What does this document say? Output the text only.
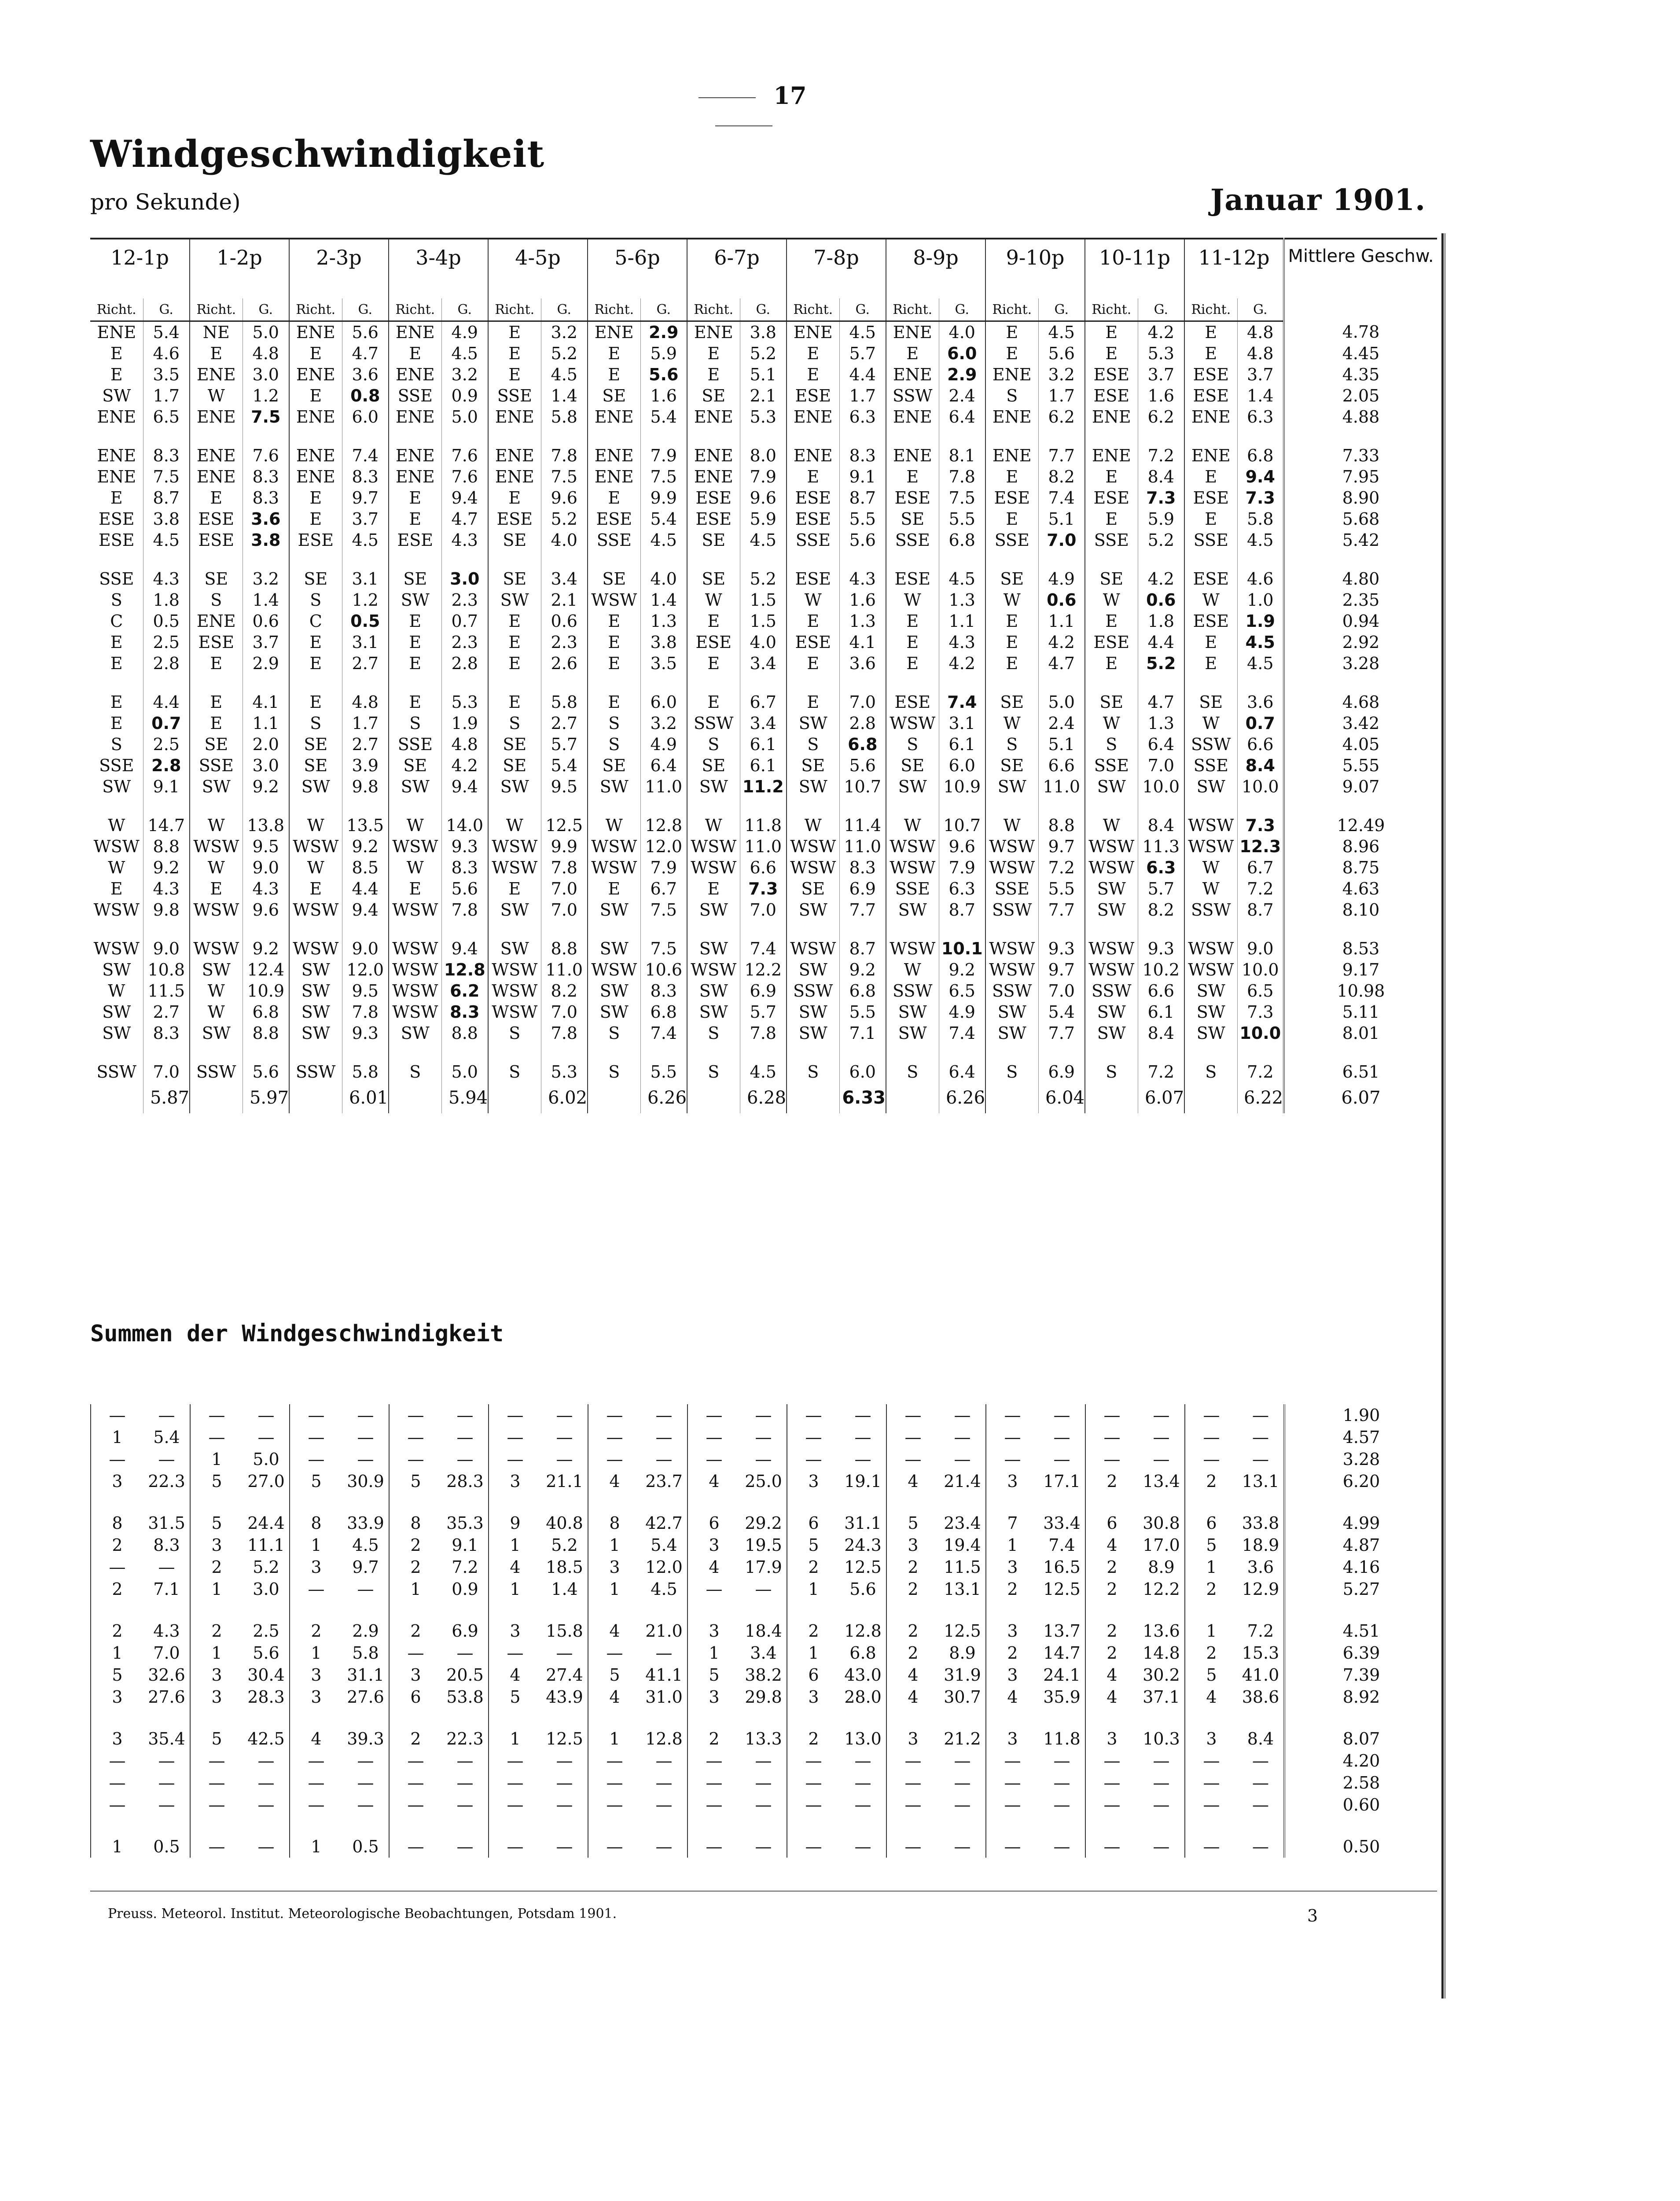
17
Windgeschwindigkeit
pro Sekunde)	Januar 1901.
12-1p		1-2p		2-3p		3-4p		4-5p		5-6p		6-7p		7-8p		8-9p		9-10p		10-11p		11-12p		Mittlere Geschw.
Richt.	G.	Richt.	G.	Richt.	G.	Richt.	G.	Richt.	G.	Richt.	G.	Richt.	G.	Richt.	G.	Richt.	G.	Richt.	G.	Richt.	G.	Richt.	G.	
ENE	5.4	NE	5.0	ENE	5.6	ENE	4.9	E	3.2	ENE	2.9	ENE	3.8	ENE	4.5	ENE	4.0	E	4.5	E	4.2	E	4.8	4.78
E	4.6	E	4.8	E	4.7	E	4.5	E	5.2	E	5.9	E	5.2	E	5.7	E	6.0	E	5.6	E	5.3	E	4.8	4.45
E	3.5	ENE	3.0	ENE	3.6	ENE	3.2	E	4.5	E	5.6	E	5.1	E	4.4	ENE	2.9	ENE	3.2	ESE	3.7	ESE	3.7	4.35
SW	1.7	W	1.2	E	0.8	SSE	0.9	SSE	1.4	SE	1.6	SE	2.1	ESE	1.7	SSW	2.4	S	1.7	ESE	1.6	ESE	1.4	2.05
ENE	6.5	ENE	7.5	ENE	6.0	ENE	5.0	ENE	5.8	ENE	5.4	ENE	5.3	ENE	6.3	ENE	6.4	ENE	6.2	ENE	6.2	ENE	6.3	4.88

ENE	8.3	ENE	7.6	ENE	7.4	ENE	7.6	ENE	7.8	ENE	7.9	ENE	8.0	ENE	8.3	ENE	8.1	ENE	7.7	ENE	7.2	ENE	6.8	7.33
ENE	7.5	ENE	8.3	ENE	8.3	ENE	7.6	ENE	7.5	ENE	7.5	ENE	7.9	E	9.1	E	7.8	E	8.2	E	8.4	E	9.4	7.95
E	8.7	E	8.3	E	9.7	E	9.4	E	9.6	E	9.9	ESE	9.6	ESE	8.7	ESE	7.5	ESE	7.4	ESE	7.3	ESE	7.3	8.90
ESE	3.8	ESE	3.6	E	3.7	E	4.7	ESE	5.2	ESE	5.4	ESE	5.9	ESE	5.5	SE	5.5	E	5.1	E	5.9	E	5.8	5.68
ESE	4.5	ESE	3.8	ESE	4.5	ESE	4.3	SE	4.0	SSE	4.5	SE	4.5	SSE	5.6	SSE	6.8	SSE	7.0	SSE	5.2	SSE	4.5	5.42

SSE	4.3	SE	3.2	SE	3.1	SE	3.0	SE	3.4	SE	4.0	SE	5.2	ESE	4.3	ESE	4.5	SE	4.9	SE	4.2	ESE	4.6	4.80
S	1.8	S	1.4	S	1.2	SW	2.3	SW	2.1	WSW	1.4	W	1.5	W	1.6	W	1.3	W	0.6	W	0.6	W	1.0	2.35
C	0.5	ENE	0.6	C	0.5	E	0.7	E	0.6	E	1.3	E	1.5	E	1.3	E	1.1	E	1.1	E	1.8	ESE	1.9	0.94
E	2.5	ESE	3.7	E	3.1	E	2.3	E	2.3	E	3.8	ESE	4.0	ESE	4.1	E	4.3	E	4.2	ESE	4.4	E	4.5	2.92
E	2.8	E	2.9	E	2.7	E	2.8	E	2.6	E	3.5	E	3.4	E	3.6	E	4.2	E	4.7	E	5.2	E	4.5	3.28

E	4.4	E	4.1	E	4.8	E	5.3	E	5.8	E	6.0	E	6.7	E	7.0	ESE	7.4	SE	5.0	SE	4.7	SE	3.6	4.68
E	0.7	E	1.1	S	1.7	S	1.9	S	2.7	S	3.2	SSW	3.4	SW	2.8	WSW	3.1	W	2.4	W	1.3	W	0.7	3.42
S	2.5	SE	2.0	SE	2.7	SSE	4.8	SE	5.7	S	4.9	S	6.1	S	6.8	S	6.1	S	5.1	S	6.4	SSW	6.6	4.05
SSE	2.8	SSE	3.0	SE	3.9	SE	4.2	SE	5.4	SE	6.4	SE	6.1	SE	5.6	SE	6.0	SE	6.6	SSE	7.0	SSE	8.4	5.55
SW	9.1	SW	9.2	SW	9.8	SW	9.4	SW	9.5	SW	11.0	SW	11.2	SW	10.7	SW	10.9	SW	11.0	SW	10.0	SW	10.0	9.07

W	14.7	W	13.8	W	13.5	W	14.0	W	12.5	W	12.8	W	11.8	W	11.4	W	10.7	W	8.8	W	8.4	WSW	7.3	12.49
WSW	8.8	WSW	9.5	WSW	9.2	WSW	9.3	WSW	9.9	WSW	12.0	WSW	11.0	WSW	11.0	WSW	9.6	WSW	9.7	WSW	11.3	WSW	12.3	8.96
W	9.2	W	9.0	W	8.5	W	8.3	WSW	7.8	WSW	7.9	WSW	6.6	WSW	8.3	WSW	7.9	WSW	7.2	WSW	6.3	W	6.7	8.75
E	4.3	E	4.3	E	4.4	E	5.6	E	7.0	E	6.7	E	7.3	SE	6.9	SSE	6.3	SSE	5.5	SW	5.7	W	7.2	4.63
WSW	9.8	WSW	9.6	WSW	9.4	WSW	7.8	SW	7.0	SW	7.5	SW	7.0	SW	7.7	SW	8.7	SSW	7.7	SW	8.2	SSW	8.7	8.10

WSW	9.0	WSW	9.2	WSW	9.0	WSW	9.4	SW	8.8	SW	7.5	SW	7.4	WSW	8.7	WSW	10.1	WSW	9.3	WSW	9.3	WSW	9.0	8.53
SW	10.8	SW	12.4	SW	12.0	WSW	12.8	WSW	11.0	WSW	10.6	WSW	12.2	SW	9.2	W	9.2	WSW	9.7	WSW	10.2	WSW	10.0	9.17
W	11.5	W	10.9	SW	9.5	WSW	6.2	WSW	8.2	SW	8.3	SW	6.9	SSW	6.8	SSW	6.5	SSW	7.0	SSW	6.6	SW	6.5	10.98
SW	2.7	W	6.8	SW	7.8	WSW	8.3	WSW	7.0	SW	6.8	SW	5.7	SW	5.5	SW	4.9	SW	5.4	SW	6.1	SW	7.3	5.11
SW	8.3	SW	8.8	SW	9.3	SW	8.8	S	7.8	S	7.4	S	7.8	SW	7.1	SW	7.4	SW	7.7	SW	8.4	SW	10.0	8.01

SSW	7.0	SSW	5.6	SSW	5.8	S	5.0	S	5.3	S	5.5	S	4.5	S	6.0	S	6.4	S	6.9	S	7.2	S	7.2	6.51
	5.87		5.97		6.01		5.94		6.02		6.26		6.28		6.33		6.26		6.04		6.07		6.22	6.07
Summen der Windgeschwindigkeit
—	—	—	—	—	—	—	—	—	—	—	—	—	—	—	—	—	—	—	—	—	—	—	—	1.90
1	5.4	—	—	—	—	—	—	—	—	—	—	—	—	—	—	—	—	—	—	—	—	—	—	4.57
—	—	1	5.0	—	—	—	—	—	—	—	—	—	—	—	—	—	—	—	—	—	—	—	—	3.28
3	22.3	5	27.0	5	30.9	5	28.3	3	21.1	4	23.7	4	25.0	3	19.1	4	21.4	3	17.1	2	13.4	2	13.1	6.20

8	31.5	5	24.4	8	33.9	8	35.3	9	40.8	8	42.7	6	29.2	6	31.1	5	23.4	7	33.4	6	30.8	6	33.8	4.99
2	8.3	3	11.1	1	4.5	2	9.1	1	5.2	1	5.4	3	19.5	5	24.3	3	19.4	1	7.4	4	17.0	5	18.9	4.87
—	—	2	5.2	3	9.7	2	7.2	4	18.5	3	12.0	4	17.9	2	12.5	2	11.5	3	16.5	2	8.9	1	3.6	4.16
2	7.1	1	3.0	—	—	1	0.9	1	1.4	1	4.5	—	—	1	5.6	2	13.1	2	12.5	2	12.2	2	12.9	5.27

2	4.3	2	2.5	2	2.9	2	6.9	3	15.8	4	21.0	3	18.4	2	12.8	2	12.5	3	13.7	2	13.6	1	7.2	4.51
1	7.0	1	5.6	1	5.8	—	—	—	—	—	—	1	3.4	1	6.8	2	8.9	2	14.7	2	14.8	2	15.3	6.39
5	32.6	3	30.4	3	31.1	3	20.5	4	27.4	5	41.1	5	38.2	6	43.0	4	31.9	3	24.1	4	30.2	5	41.0	7.39
3	27.6	3	28.3	3	27.6	6	53.8	5	43.9	4	31.0	3	29.8	3	28.0	4	30.7	4	35.9	4	37.1	4	38.6	8.92

3	35.4	5	42.5	4	39.3	2	22.3	1	12.5	1	12.8	2	13.3	2	13.0	3	21.2	3	11.8	3	10.3	3	8.4	8.07
—	—	—	—	—	—	—	—	—	—	—	—	—	—	—	—	—	—	—	—	—	—	—	—	4.20
—	—	—	—	—	—	—	—	—	—	—	—	—	—	—	—	—	—	—	—	—	—	—	—	2.58
—	—	—	—	—	—	—	—	—	—	—	—	—	—	—	—	—	—	—	—	—	—	—	—	0.60

1	0.5	—	—	1	0.5	—	—	—	—	—	—	—	—	—	—	—	—	—	—	—	—	—	—	0.50
Preuss. Meteorol. Institut. Meteorologische Beobachtungen, Potsdam 1901.	3
